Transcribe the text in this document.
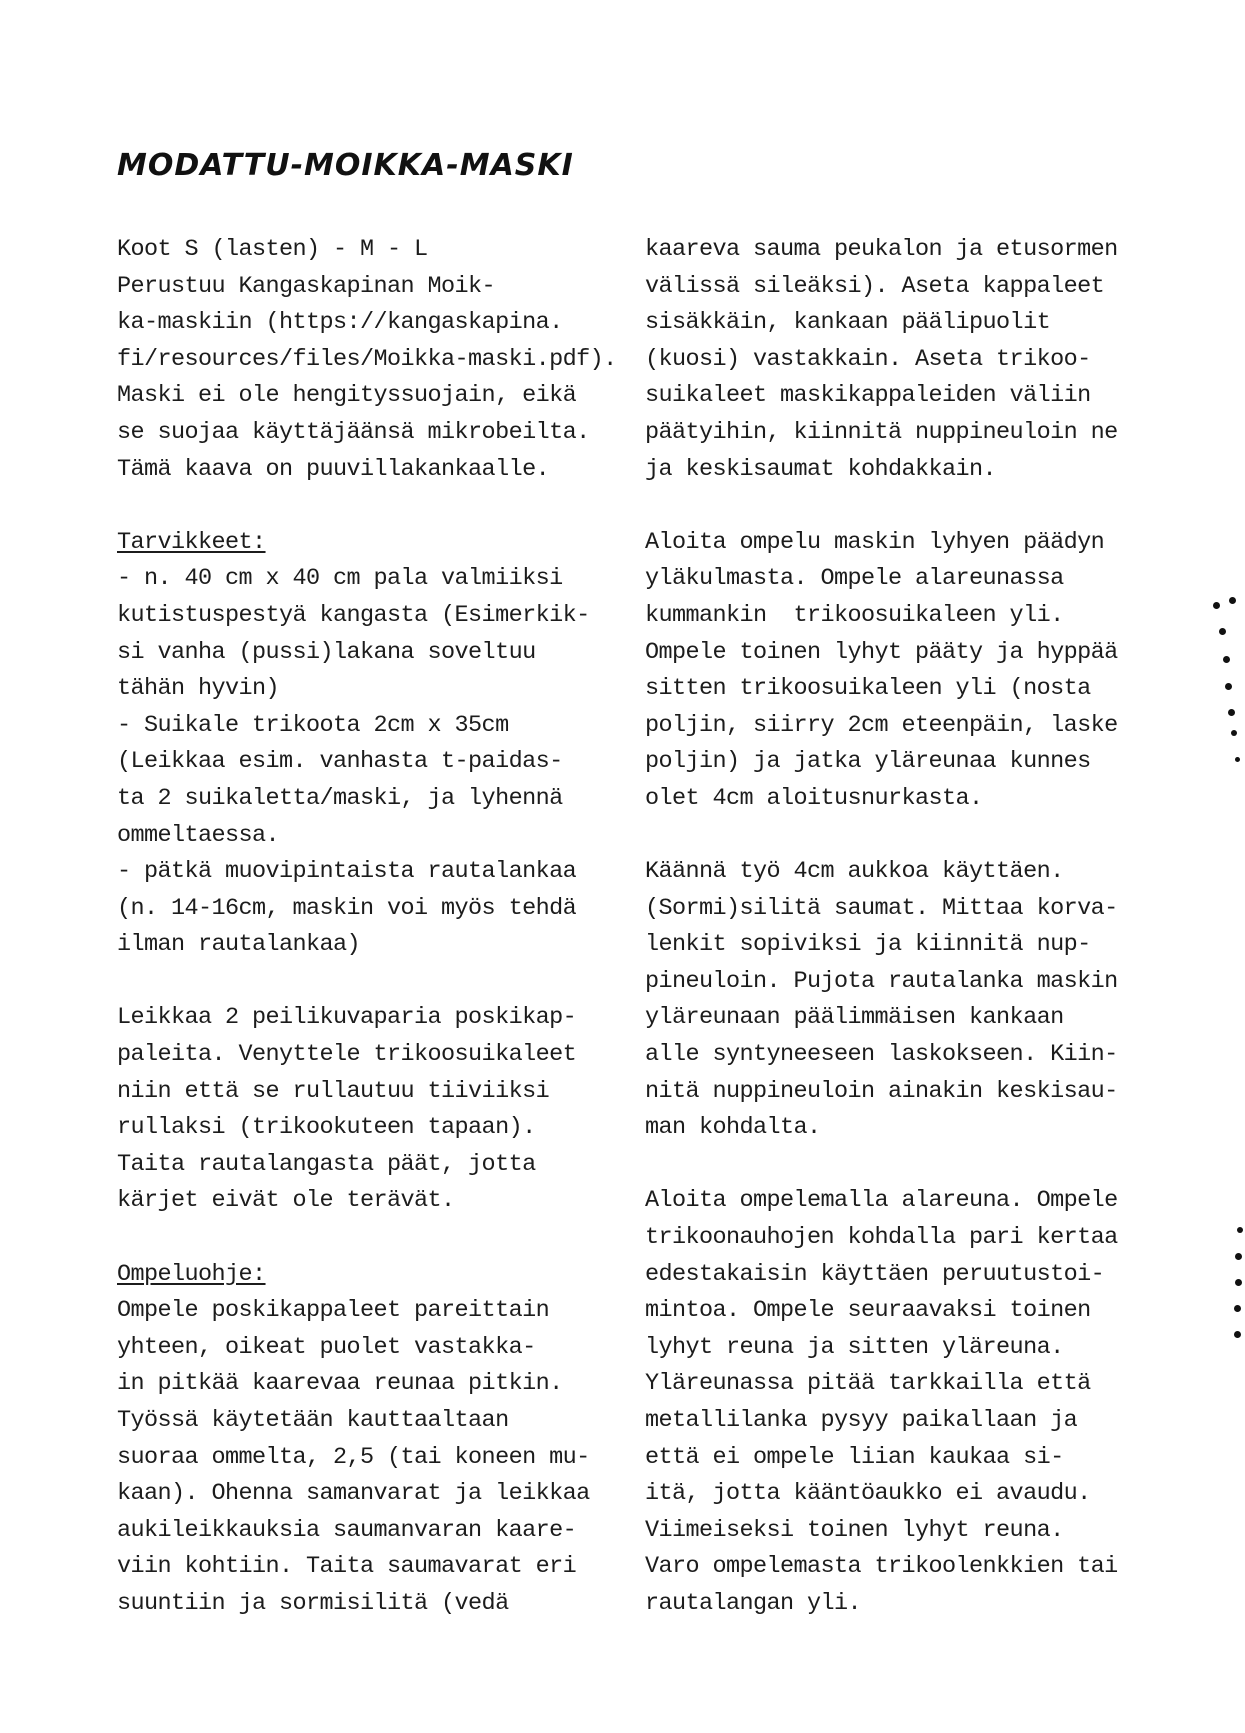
MODATTU-MOIKKA-MASKI
Koot S (lasten) - M - L
Perustuu Kangaskapinan Moik-
ka-maskiin (https://kangaskapina.
fi/resources/files/Moikka-maski.pdf).
Maski ei ole hengityssuojain, eikä
se suojaa käyttäjäänsä mikrobeilta.
Tämä kaava on puuvillakankaalle.
Tarvikkeet:
- n. 40 cm x 40 cm pala valmiiksi
kutistuspestyä kangasta (Esimerkik-
si vanha (pussi)lakana soveltuu
tähän hyvin)
- Suikale trikoota 2cm x 35cm
(Leikkaa esim. vanhasta t-paidas-
ta 2 suikaletta/maski, ja lyhennä
ommeltaessa.
- pätkä muovipintaista rautalankaa
(n. 14-16cm, maskin voi myös tehdä
ilman rautalankaa)
Leikkaa 2 peilikuvaparia poskikap-
paleita. Venyttele trikoosuikaleet
niin että se rullautuu tiiviiksi
rullaksi (trikookuteen tapaan).
Taita rautalangasta päät, jotta
kärjet eivät ole terävät.
Ompeluohje:
Ompele poskikappaleet pareittain
yhteen, oikeat puolet vastakka-
in pitkää kaarevaa reunaa pitkin.
Työssä käytetään kauttaaltaan
suoraa ommelta, 2,5 (tai koneen mu-
kaan). Ohenna samanvarat ja leikkaa
aukileikkauksia saumanvaran kaare-
viin kohtiin. Taita saumavarat eri
suuntiin ja sormisilitä (vedä
kaareva sauma peukalon ja etusormen
välissä sileäksi). Aseta kappaleet
sisäkkäin, kankaan päälipuolit
(kuosi) vastakkain. Aseta trikoo-
suikaleet maskikappaleiden väliin
päätyihin, kiinnitä nuppineuloin ne
ja keskisaumat kohdakkain.
Aloita ompelu maskin lyhyen päädyn
yläkulmasta. Ompele alareunassa
kummankin  trikoosuikaleen yli.
Ompele toinen lyhyt pääty ja hyppää
sitten trikoosuikaleen yli (nosta
poljin, siirry 2cm eteenpäin, laske
poljin) ja jatka yläreunaa kunnes
olet 4cm aloitusnurkasta.
Käännä työ 4cm aukkoa käyttäen.
(Sormi)silitä saumat. Mittaa korva-
lenkit sopiviksi ja kiinnitä nup-
pineuloin. Pujota rautalanka maskin
yläreunaan päälimmäisen kankaan
alle syntyneeseen laskokseen. Kiin-
nitä nuppineuloin ainakin keskisau-
man kohdalta.
Aloita ompelemalla alareuna. Ompele
trikoonauhojen kohdalla pari kertaa
edestakaisin käyttäen peruutustoi-
mintoa. Ompele seuraavaksi toinen
lyhyt reuna ja sitten yläreuna.
Yläreunassa pitää tarkkailla että
metallilanka pysyy paikallaan ja
että ei ompele liian kaukaa si-
itä, jotta kääntöaukko ei avaudu.
Viimeiseksi toinen lyhyt reuna.
Varo ompelemasta trikoolenkkien tai
rautalangan yli.
